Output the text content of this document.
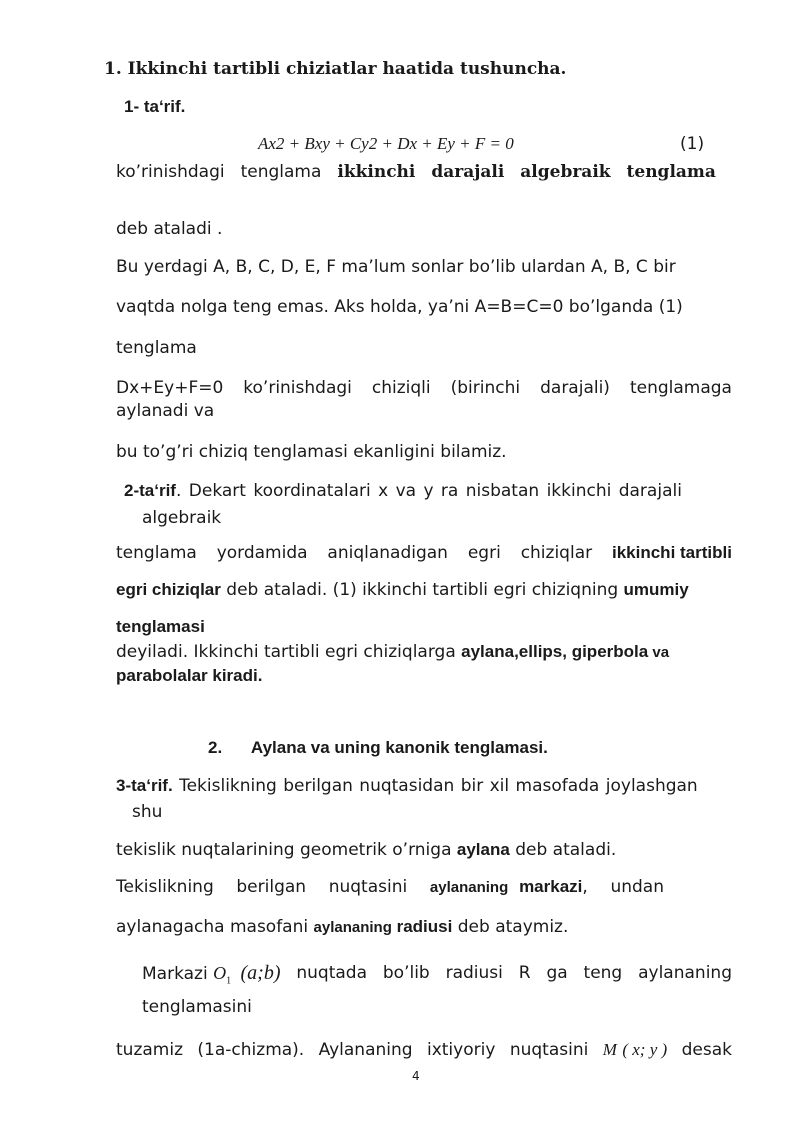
1. Ikkinchi tartibli chiziatlar haatida tushuncha.
1- ta‘rif.
Ax2 + Bxy + Cy2 + Dx + Ey + F = 0	(1)
ko’rinishdagi tenglama ikkinchi darajali algebraik tenglama
deb ataladi .
Bu yerdagi A, B, C, D, E, F ma’lum sonlar bo’lib ulardan A, B, C bir
vaqtda nolga teng emas. Aks holda, ya’ni A=B=C=0 bo’lganda (1)
tenglama
Dx+Ey+F=0 ko’rinishdagi chiziqli (birinchi darajali) tenglamaga
aylanadi va
bu to’g’ri chiziq tenglamasi ekanligini bilamiz.
2-ta‘rif. Dekart koordinatalari x va y ra nisbatan ikkinchi darajali
algebraik
tenglama yordamida aniqlanadigan egri chiziqlar ikkinchi tartibli
egri chiziqlar deb ataladi. (1) ikkinchi tartibli egri chiziqning umumiy
tenglamasi
deyiladi. Ikkinchi tartibli egri chiziqlarga aylana,ellips, giperbola va
parabolalar kiradi.
2. Aylana va uning kanonik tenglamasi.
3-ta‘rif. Tekislikning berilgan nuqtasidan bir xil masofada joylashgan
shu
tekislik nuqtalarining geometrik o’rniga aylana deb ataladi.
Tekislikning berilgan nuqtasini aylananing markazi, undan
aylanagacha masofani aylananing radiusi deb ataymiz.
Markazi $O_1$ (a;b) nuqtada bo’lib radiusi R ga teng aylananing
tenglamasini
tuzamiz (1a-chizma). Aylananing ixtiyoriy nuqtasini M ( x; y ) desak
4
